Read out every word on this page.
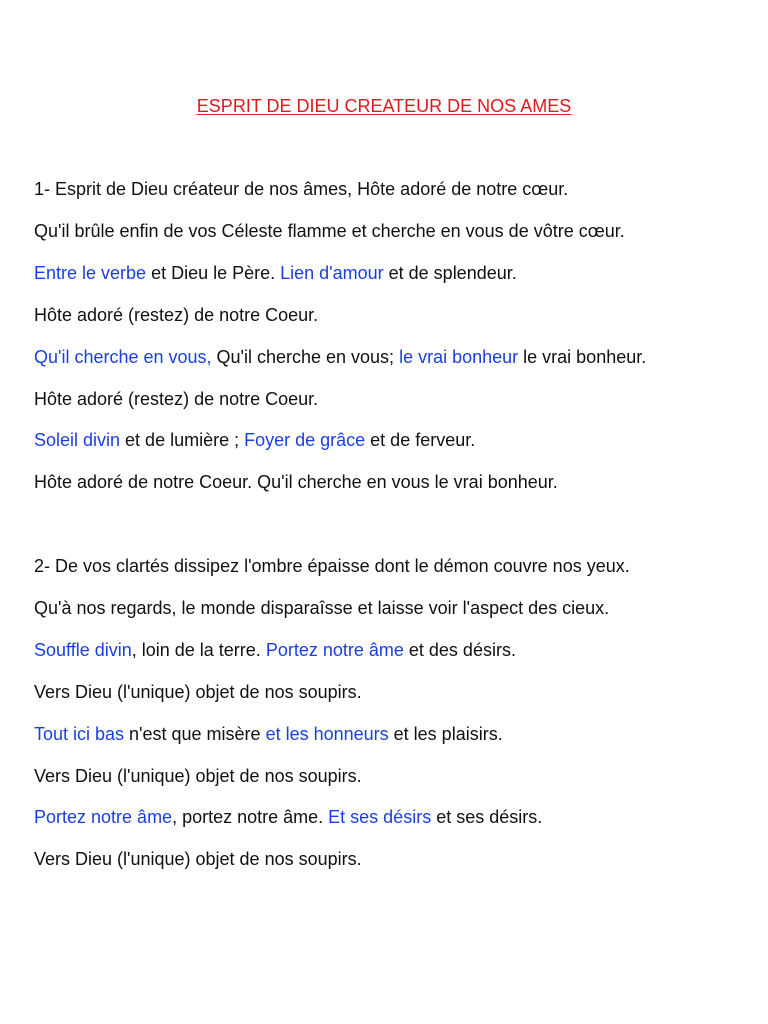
ESPRIT DE DIEU CREATEUR DE NOS AMES

1- Esprit de Dieu créateur de nos âmes, Hôte adoré de notre cœur.

Qu'il brûle enfin de vos Céleste flamme et cherche en vous de vôtre cœur.

Entre le verbe et Dieu le Père. Lien d'amour et de splendeur.

Hôte adoré (restez) de notre Coeur.

Qu'il cherche en vous, Qu'il cherche en vous; le vrai bonheur le vrai bonheur.

Hôte adoré (restez) de notre Coeur.

Soleil divin et de lumière ; Foyer de grâce et de ferveur.

Hôte adoré de notre Coeur. Qu'il cherche en vous le vrai bonheur.

2- De vos clartés dissipez l'ombre épaisse dont le démon couvre nos yeux.

Qu'à nos regards, le monde disparaîsse et laisse voir l'aspect des cieux.

Souffle divin, loin de la terre. Portez notre âme et des désirs.

Vers Dieu (l'unique) objet de nos soupirs.

Tout ici bas n'est que misère et les honneurs et les plaisirs.

Vers Dieu (l'unique) objet de nos soupirs.

Portez notre âme, portez notre âme. Et ses désirs et ses désirs.

Vers Dieu (l'unique) objet de nos soupirs.
